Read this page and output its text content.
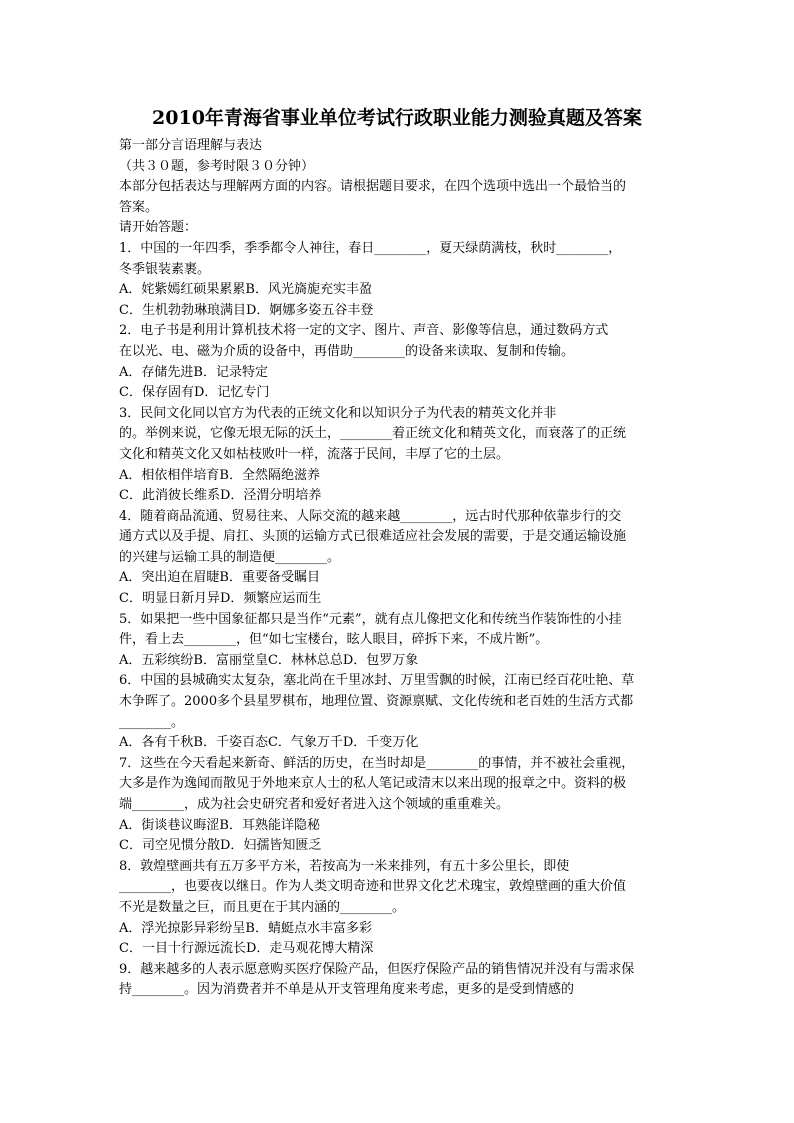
2010年青海省事业单位考试行政职业能力测验真题及答案

第一部分言语理解与表达

（共３０题，参考时限３０分钟）

本部分包括表达与理解两方面的内容。请根据题目要求，在四个选项中选出一个最恰当的

答案。

请开始答题：

1．中国的一年四季，季季都令人神往，春日________，夏天绿荫满枝，秋时________，

冬季银装素裹。

A．姹紫嫣红硕果累累B．风光旖旎充实丰盈

C．生机勃勃琳琅满目D．婀娜多姿五谷丰登

2．电子书是利用计算机技术将一定的文字、图片、声音、影像等信息，通过数码方式

在以光、电、磁为介质的设备中，再借助________的设备来读取、复制和传输。

A．存储先进B．记录特定

C．保存固有D．记忆专门

3．民间文化同以官方为代表的正统文化和以知识分子为代表的精英文化并非

的。举例来说，它像无垠无际的沃土，________着正统文化和精英文化，而衰落了的正统

文化和精英文化又如枯枝败叶一样，流落于民间，丰厚了它的土层。

A．相依相伴培育B．全然隔绝滋养

C．此消彼长维系D．泾渭分明培养

4．随着商品流通、贸易往来、人际交流的越来越________，远古时代那种依靠步行的交

通方式以及手提、肩扛、头顶的运输方式已很难适应社会发展的需要，于是交通运输设施

的兴建与运输工具的制造便________。

A．突出迫在眉睫B．重要备受瞩目

C．明显日新月异D．频繁应运而生

5．如果把一些中国象征都只是当作“元素”，就有点儿像把文化和传统当作装饰性的小挂

件，看上去________，但“如七宝楼台，眩人眼目，碎拆下来，不成片断”。

A．五彩缤纷B．富丽堂皇C．林林总总D．包罗万象

6．中国的县城确实太复杂，塞北尚在千里冰封、万里雪飘的时候，江南已经百花吐艳、草

木争晖了。2000多个县星罗棋布，地理位置、资源禀赋、文化传统和老百姓的生活方式都

________。

A．各有千秋B．千姿百态C．气象万千D．千变万化

7．这些在今天看起来新奇、鲜活的历史，在当时却是________的事情，并不被社会重视，

大多是作为逸闻而散见于外地来京人士的私人笔记或清末以来出现的报章之中。资料的极

端________，成为社会史研究者和爱好者进入这个领域的重重难关。

A．街谈巷议晦涩B．耳熟能详隐秘

C．司空见惯分散D．妇孺皆知匮乏

8．敦煌壁画共有五万多平方米，若按高为一米来排列，有五十多公里长，即使

________，也要夜以继日。作为人类文明奇迹和世界文化艺术瑰宝，敦煌壁画的重大价值

不光是数量之巨，而且更在于其内涵的________。

A．浮光掠影异彩纷呈B．蜻蜓点水丰富多彩

C．一目十行源远流长D．走马观花博大精深

9．越来越多的人表示愿意购买医疗保险产品，但医疗保险产品的销售情况并没有与需求保

持________。因为消费者并不单是从开支管理角度来考虑，更多的是受到情感的
